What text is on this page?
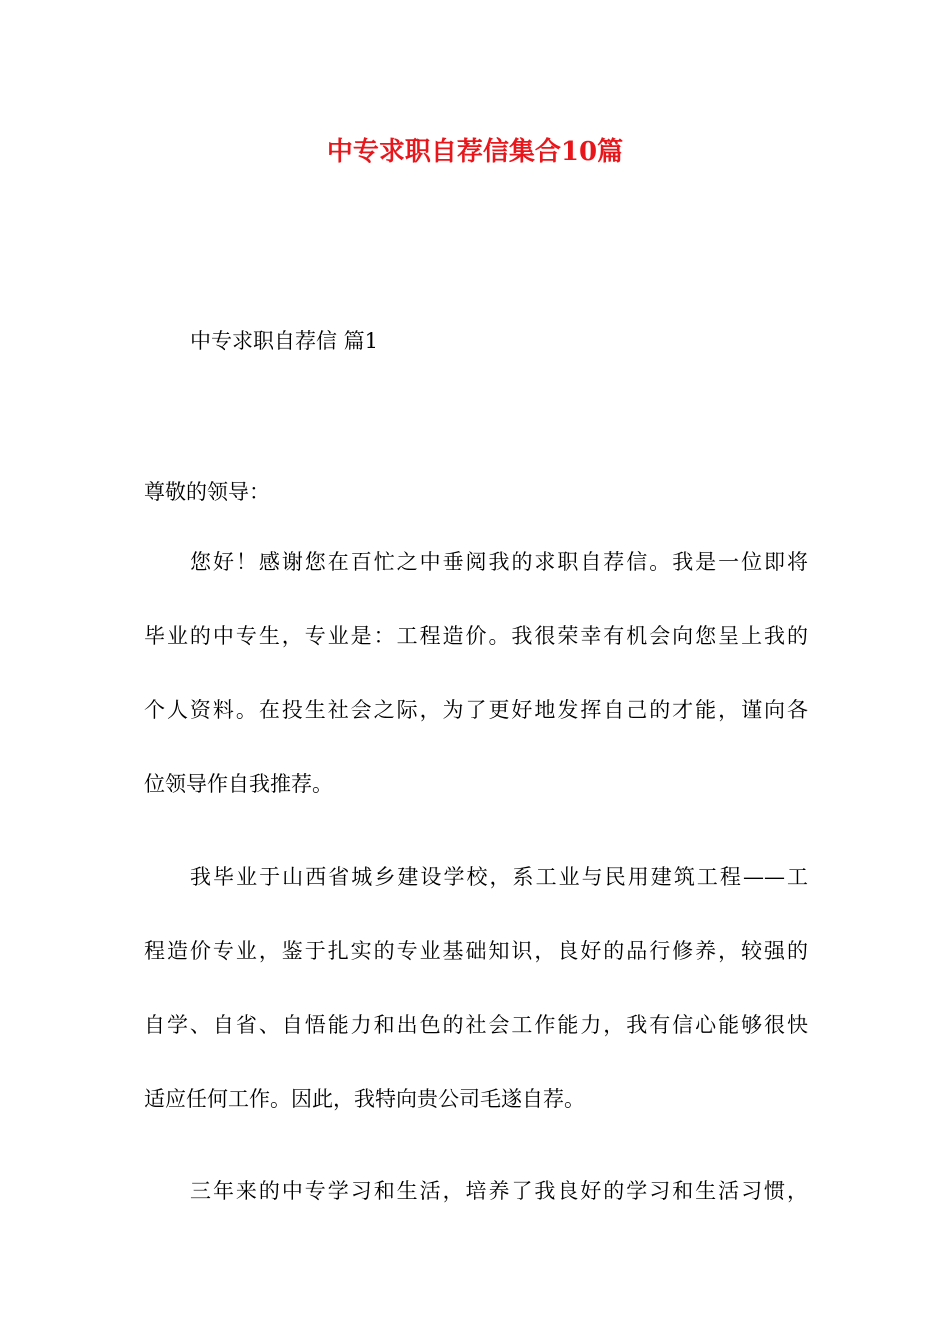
中专求职自荐信集合10篇

中专求职自荐信 篇1

尊敬的领导：

您好！感谢您在百忙之中垂阅我的求职自荐信。我是一位即将
毕业的中专生，专业是：工程造价。我很荣幸有机会向您呈上我的
个人资料。在投生社会之际，为了更好地发挥自己的才能，谨向各
位领导作自我推荐。
我毕业于山西省城乡建设学校，系工业与民用建筑工程——工
程造价专业，鉴于扎实的专业基础知识，良好的品行修养，较强的
自学、自省、自悟能力和出色的社会工作能力，我有信心能够很快
适应任何工作。因此，我特向贵公司毛遂自荐。
三年来的中专学习和生活，培养了我良好的学习和生活习惯，
